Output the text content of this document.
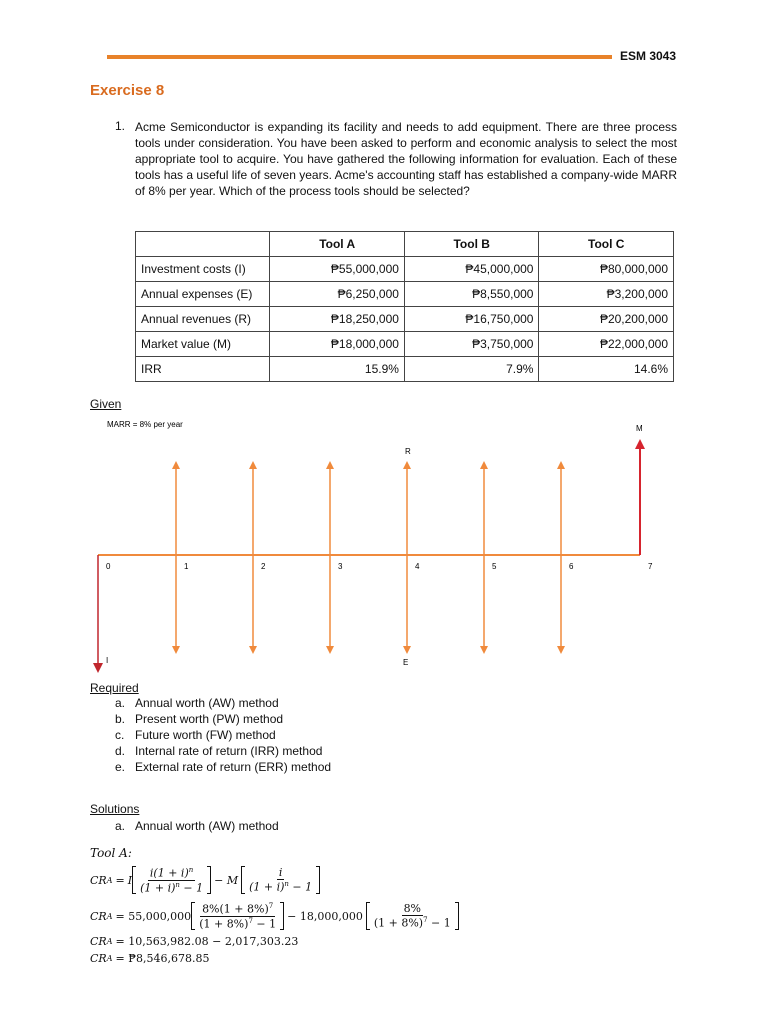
ESM 3043
Exercise 8
1. Acme Semiconductor is expanding its facility and needs to add equipment. There are three process tools under consideration. You have been asked to perform and economic analysis to select the most appropriate tool to acquire. You have gathered the following information for evaluation. Each of these tools has a useful life of seven years. Acme's accounting staff has established a company-wide MARR of 8% per year. Which of the process tools should be selected?
	Tool A	Tool B	Tool C
Investment costs (I)	₱55,000,000	₱45,000,000	₱80,000,000
Annual expenses (E)	₱6,250,000	₱8,550,000	₱3,200,000
Annual revenues (R)	₱18,250,000	₱16,750,000	₱20,200,000
Market value (M)	₱18,000,000	₱3,750,000	₱22,000,000
IRR	15.9%	7.9%	14.6%
Given
MARR = 8% per year
R
E
I
M
0	1	2	3	4	5	6	7
Required
a. Annual worth (AW) method
b. Present worth (PW) method
c. Future worth (FW) method
d. Internal rate of return (IRR) method
e. External rate of return (ERR) method
Solutions
a. Annual worth (AW) method
Tool A:
CR A = I $\frac{i(1 + i)^n}{(1 + i)^n - 1} - M \frac{i}{(1 + i)^n - 1}$
CR $A = 55,000,000 \frac{8\%(1 + 8\%)^7}{(1 + 8\%)^7 - 1} - 18,000,000 \frac{8\%}{(1 + 8\%)^7 - 1}$
CR A = 10,563,982.08 − 2,017,303.23
CR A = ₱8,546,678.85
